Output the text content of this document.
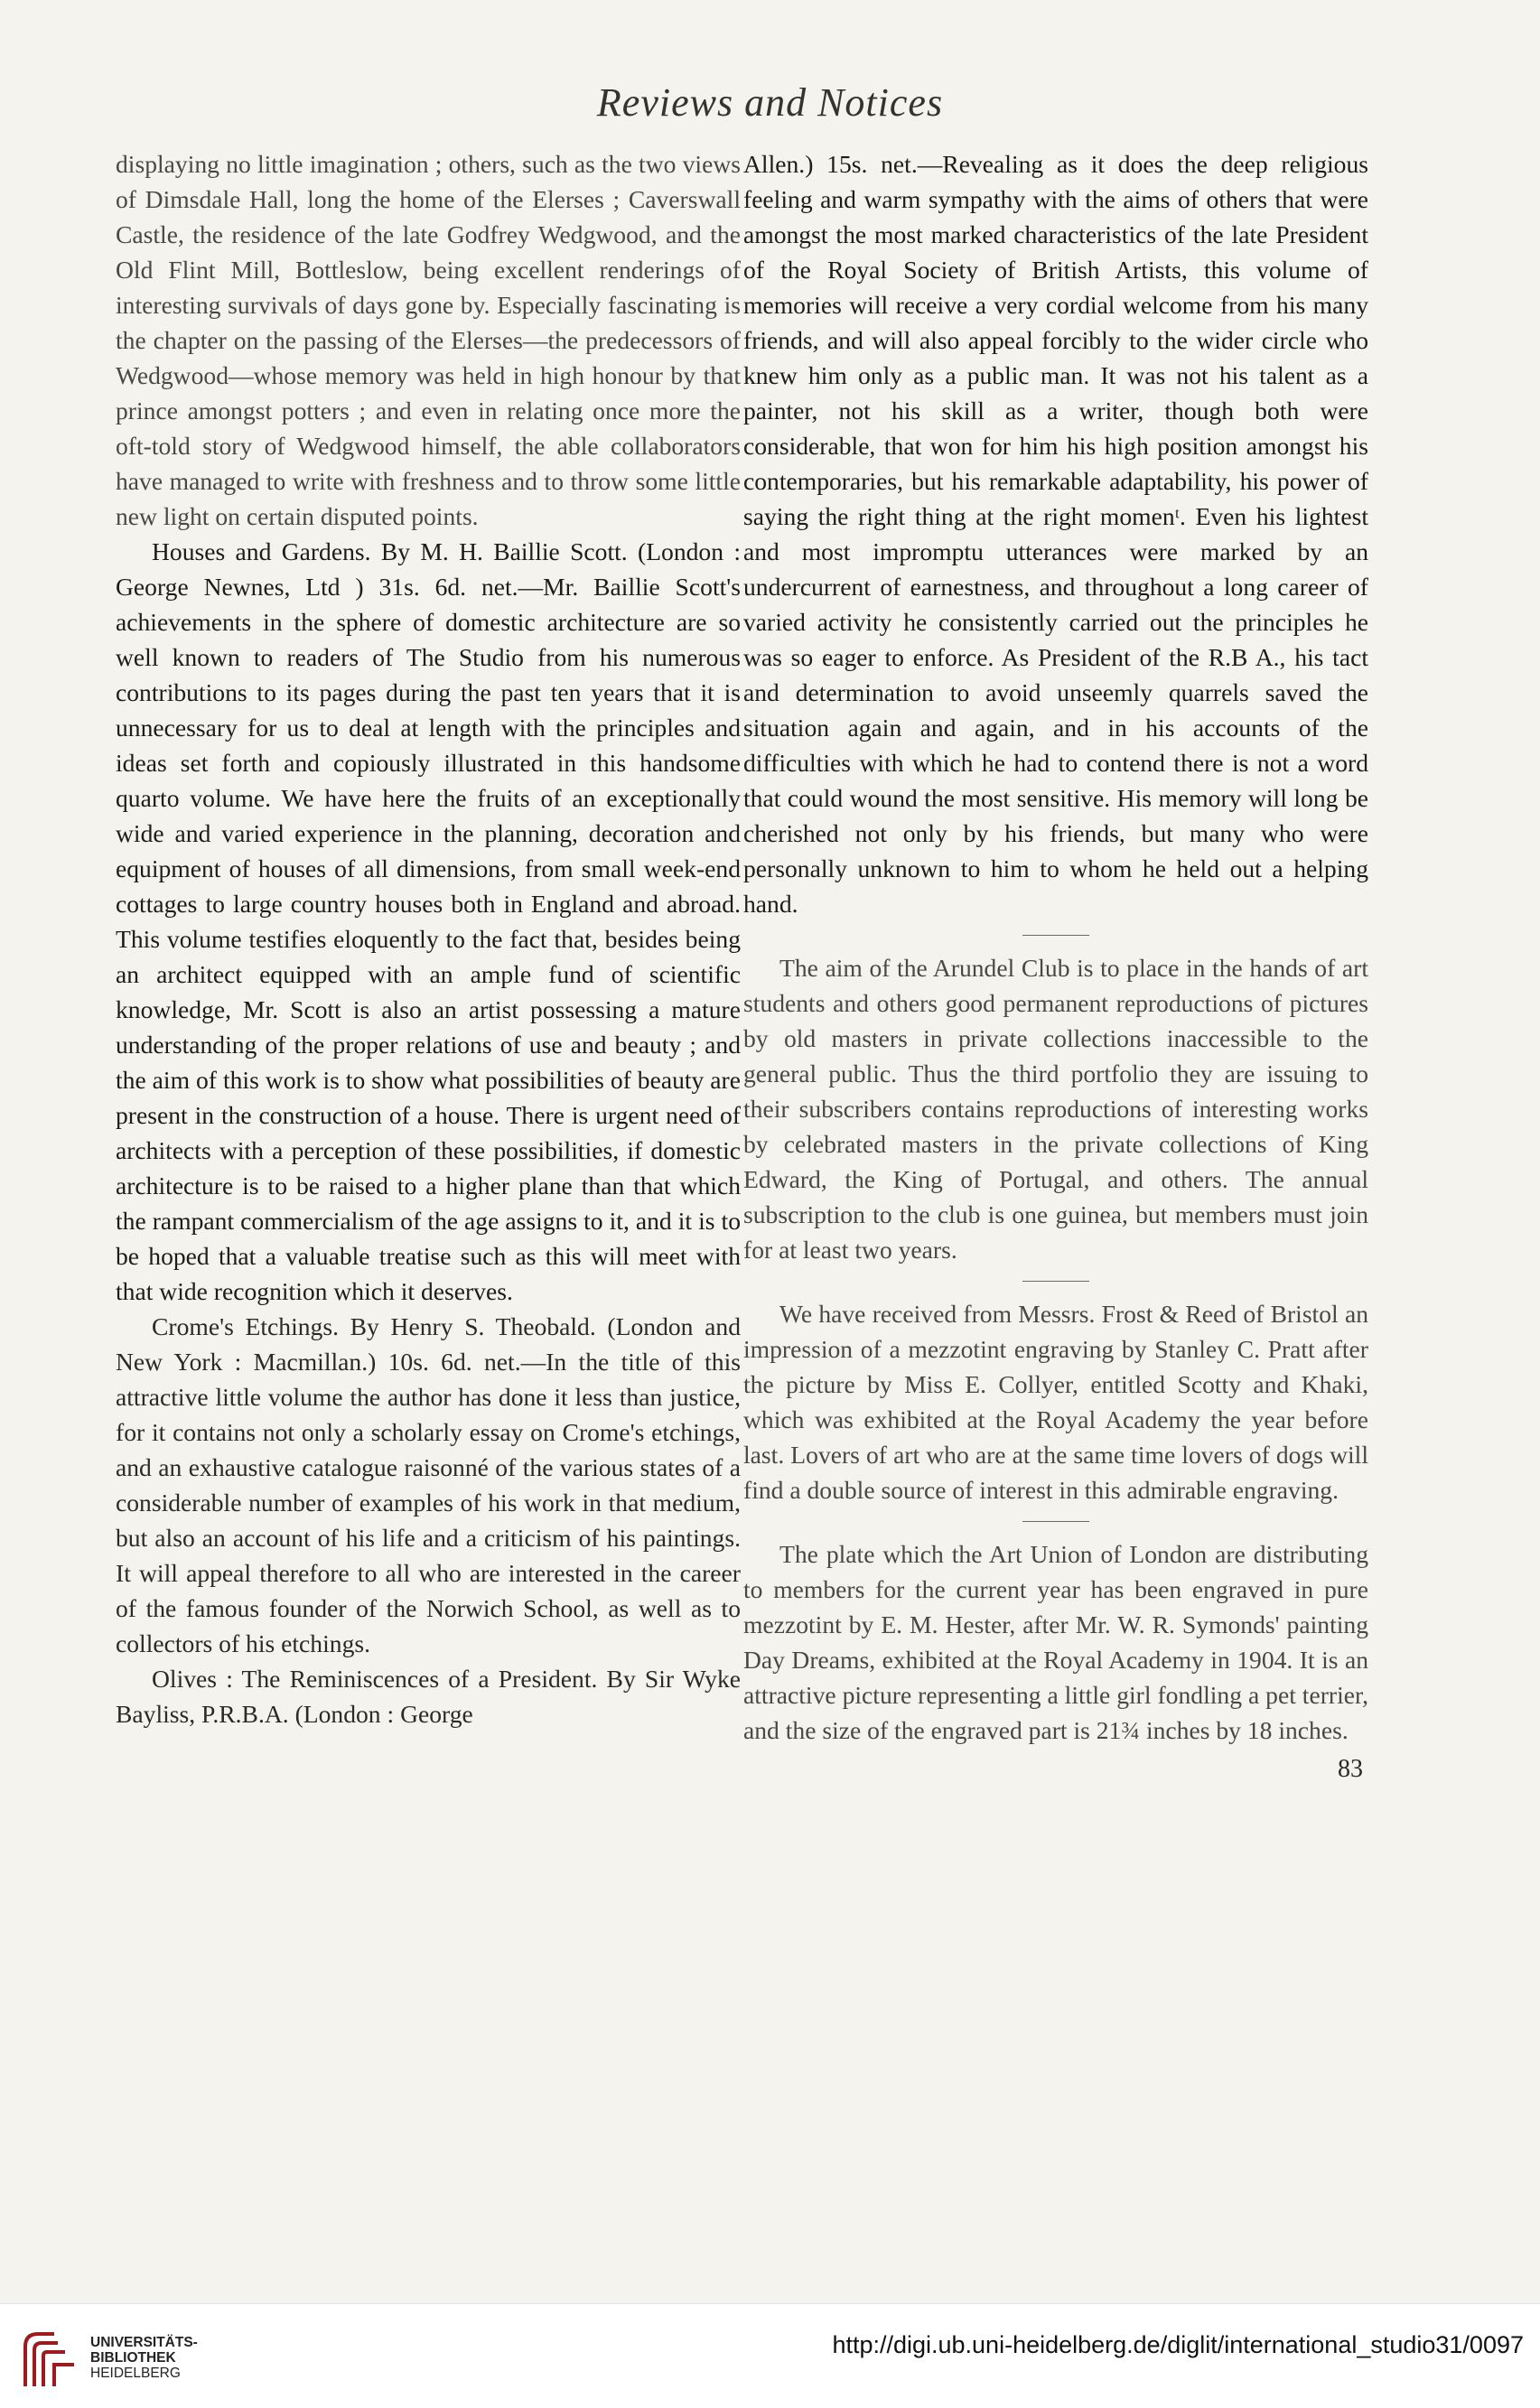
Reviews and Notices

displaying no little imagination ; others, such as the two views of Dimsdale Hall, long the home of the Elerses ; Caverswall Castle, the residence of the late Godfrey Wedgwood, and the Old Flint Mill, Bottleslow, being excellent renderings of interesting survivals of days gone by. Especially fascinating is the chapter on the passing of the Elerses—the predecessors of Wedgwood—whose memory was held in high honour by that prince amongst potters ; and even in relating once more the oft-told story of Wedgwood himself, the able collaborators have managed to write with freshness and to throw some little new light on certain disputed points.

Houses and Gardens. By M. H. Baillie Scott. (London : George Newnes, Ltd ) 31s. 6d. net.—Mr. Baillie Scott's achievements in the sphere of domestic architecture are so well known to readers of The Studio from his numerous contributions to its pages during the past ten years that it is unnecessary for us to deal at length with the principles and ideas set forth and copiously illustrated in this handsome quarto volume. We have here the fruits of an exceptionally wide and varied experience in the planning, decoration and equipment of houses of all dimensions, from small week-end cottages to large country houses both in England and abroad. This volume testifies eloquently to the fact that, besides being an architect equipped with an ample fund of scientific knowledge, Mr. Scott is also an artist possessing a mature understanding of the proper relations of use and beauty ; and the aim of this work is to show what possibilities of beauty are present in the construction of a house. There is urgent need of architects with a perception of these possibilities, if domestic architecture is to be raised to a higher plane than that which the rampant commercialism of the age assigns to it, and it is to be hoped that a valuable treatise such as this will meet with that wide recognition which it deserves.

Crome's Etchings. By Henry S. Theobald. (London and New York : Macmillan.) 10s. 6d. net.—In the title of this attractive little volume the author has done it less than justice, for it contains not only a scholarly essay on Crome's etchings, and an exhaustive catalogue raisonné of the various states of a considerable number of examples of his work in that medium, but also an account of his life and a criticism of his paintings. It will appeal therefore to all who are interested in the career of the famous founder of the Norwich School, as well as to collectors of his etchings.

Olives : The Reminiscences of a President. By Sir Wyke Bayliss, P.R.B.A. (London : George

Allen.) 15s. net.—Revealing as it does the deep religious feeling and warm sympathy with the aims of others that were amongst the most marked characteristics of the late President of the Royal Society of British Artists, this volume of memories will receive a very cordial welcome from his many friends, and will also appeal forcibly to the wider circle who knew him only as a public man. It was not his talent as a painter, not his skill as a writer, though both were considerable, that won for him his high position amongst his contemporaries, but his remarkable adaptability, his power of saying the right thing at the right momenᵗ. Even his lightest and most impromptu utterances were marked by an undercurrent of earnestness, and throughout a long career of varied activity he consistently carried out the principles he was so eager to enforce. As President of the R.B A., his tact and determination to avoid unseemly quarrels saved the situation again and again, and in his accounts of the difficulties with which he had to contend there is not a word that could wound the most sensitive. His memory will long be cherished not only by his friends, but many who were personally unknown to him to whom he held out a helping hand.

The aim of the Arundel Club is to place in the hands of art students and others good permanent reproductions of pictures by old masters in private collections inaccessible to the general public. Thus the third portfolio they are issuing to their subscribers contains reproductions of interesting works by celebrated masters in the private collections of King Edward, the King of Portugal, and others. The annual subscription to the club is one guinea, but members must join for at least two years.

We have received from Messrs. Frost & Reed of Bristol an impression of a mezzotint engraving by Stanley C. Pratt after the picture by Miss E. Collyer, entitled Scotty and Khaki, which was exhibited at the Royal Academy the year before last. Lovers of art who are at the same time lovers of dogs will find a double source of interest in this admirable engraving.

The plate which the Art Union of London are distributing to members for the current year has been engraved in pure mezzotint by E. M. Hester, after Mr. W. R. Symonds' painting Day Dreams, exhibited at the Royal Academy in 1904. It is an attractive picture representing a little girl fondling a pet terrier, and the size of the engraved part is 21¾ inches by 18 inches.

83
UNIVERSITÄTS-
BIBLIOTHEK
HEIDELBERG
http://digi.ub.uni-heidelberg.de/diglit/international_studio31/0097
